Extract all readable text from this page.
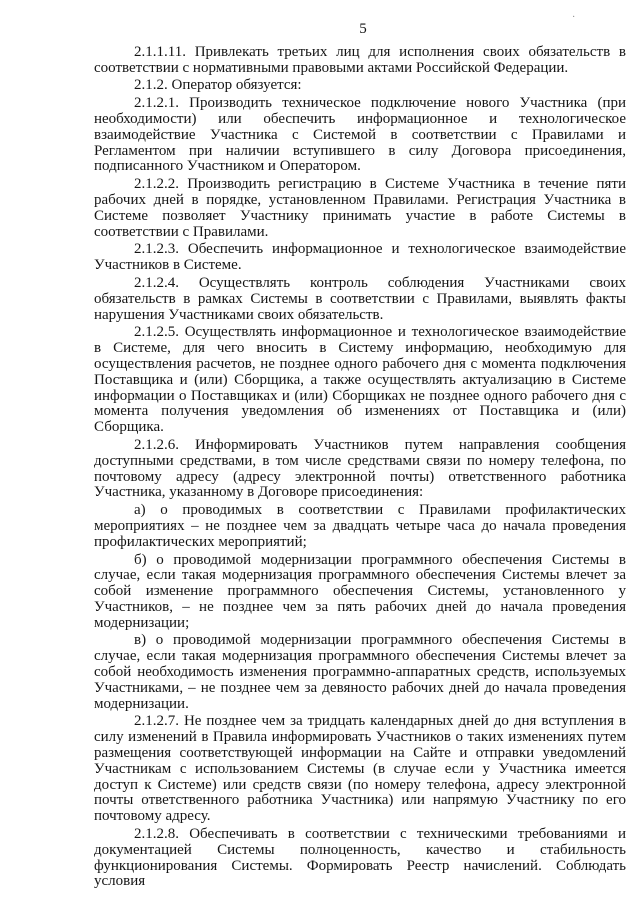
5

2.1.1.11. Привлекать третьих лиц для исполнения своих обязательств в соответствии с нормативными правовыми актами Российской Федерации.

2.1.2. Оператор обязуется:

2.1.2.1. Производить техническое подключение нового Участника (при необходимости) или обеспечить информационное и технологическое взаимодействие Участника с Системой в соответствии с Правилами и Регламентом при наличии вступившего в силу Договора присоединения, подписанного Участником и Оператором.

2.1.2.2. Производить регистрацию в Системе Участника в течение пяти рабочих дней в порядке, установленном Правилами. Регистрация Участника в Системе позволяет Участнику принимать участие в работе Системы в соответствии с Правилами.

2.1.2.3. Обеспечить информационное и технологическое взаимодействие Участников в Системе.

2.1.2.4. Осуществлять контроль соблюдения Участниками своих обязательств в рамках Системы в соответствии с Правилами, выявлять факты нарушения Участниками своих обязательств.

2.1.2.5. Осуществлять информационное и технологическое взаимодействие в Системе, для чего вносить в Систему информацию, необходимую для осуществления расчетов, не позднее одного рабочего дня с момента подключения Поставщика и (или) Сборщика, а также осуществлять актуализацию в Системе информации о Поставщиках и (или) Сборщиках не позднее одного рабочего дня с момента получения уведомления об изменениях от Поставщика и (или) Сборщика.

2.1.2.6. Информировать Участников путем направления сообщения доступными средствами, в том числе средствами связи по номеру телефона, по почтовому адресу (адресу электронной почты) ответственного работника Участника, указанному в Договоре присоединения:

а) о проводимых в соответствии с Правилами профилактических мероприятиях – не позднее чем за двадцать четыре часа до начала проведения профилактических мероприятий;

б) о проводимой модернизации программного обеспечения Системы в случае, если такая модернизация программного обеспечения Системы влечет за собой изменение программного обеспечения Системы, установленного у Участников, – не позднее чем за пять рабочих дней до начала проведения модернизации;

в) о проводимой модернизации программного обеспечения Системы в случае, если такая модернизация программного обеспечения Системы влечет за собой необходимость изменения программно-аппаратных средств, используемых Участниками, – не позднее чем за девяносто рабочих дней до начала проведения модернизации.

2.1.2.7. Не позднее чем за тридцать календарных дней до дня вступления в силу изменений в Правила информировать Участников о таких изменениях путем размещения соответствующей информации на Сайте и отправки уведомлений Участникам с использованием Системы (в случае если у Участника имеется доступ к Системе) или средств связи (по номеру телефона, адресу электронной почты ответственного работника Участника) или напрямую Участнику по его почтовому адресу.

2.1.2.8. Обеспечивать в соответствии с техническими требованиями и документацией Системы полноценность, качество и стабильность функционирования Системы. Формировать Реестр начислений. Соблюдать условия

·
